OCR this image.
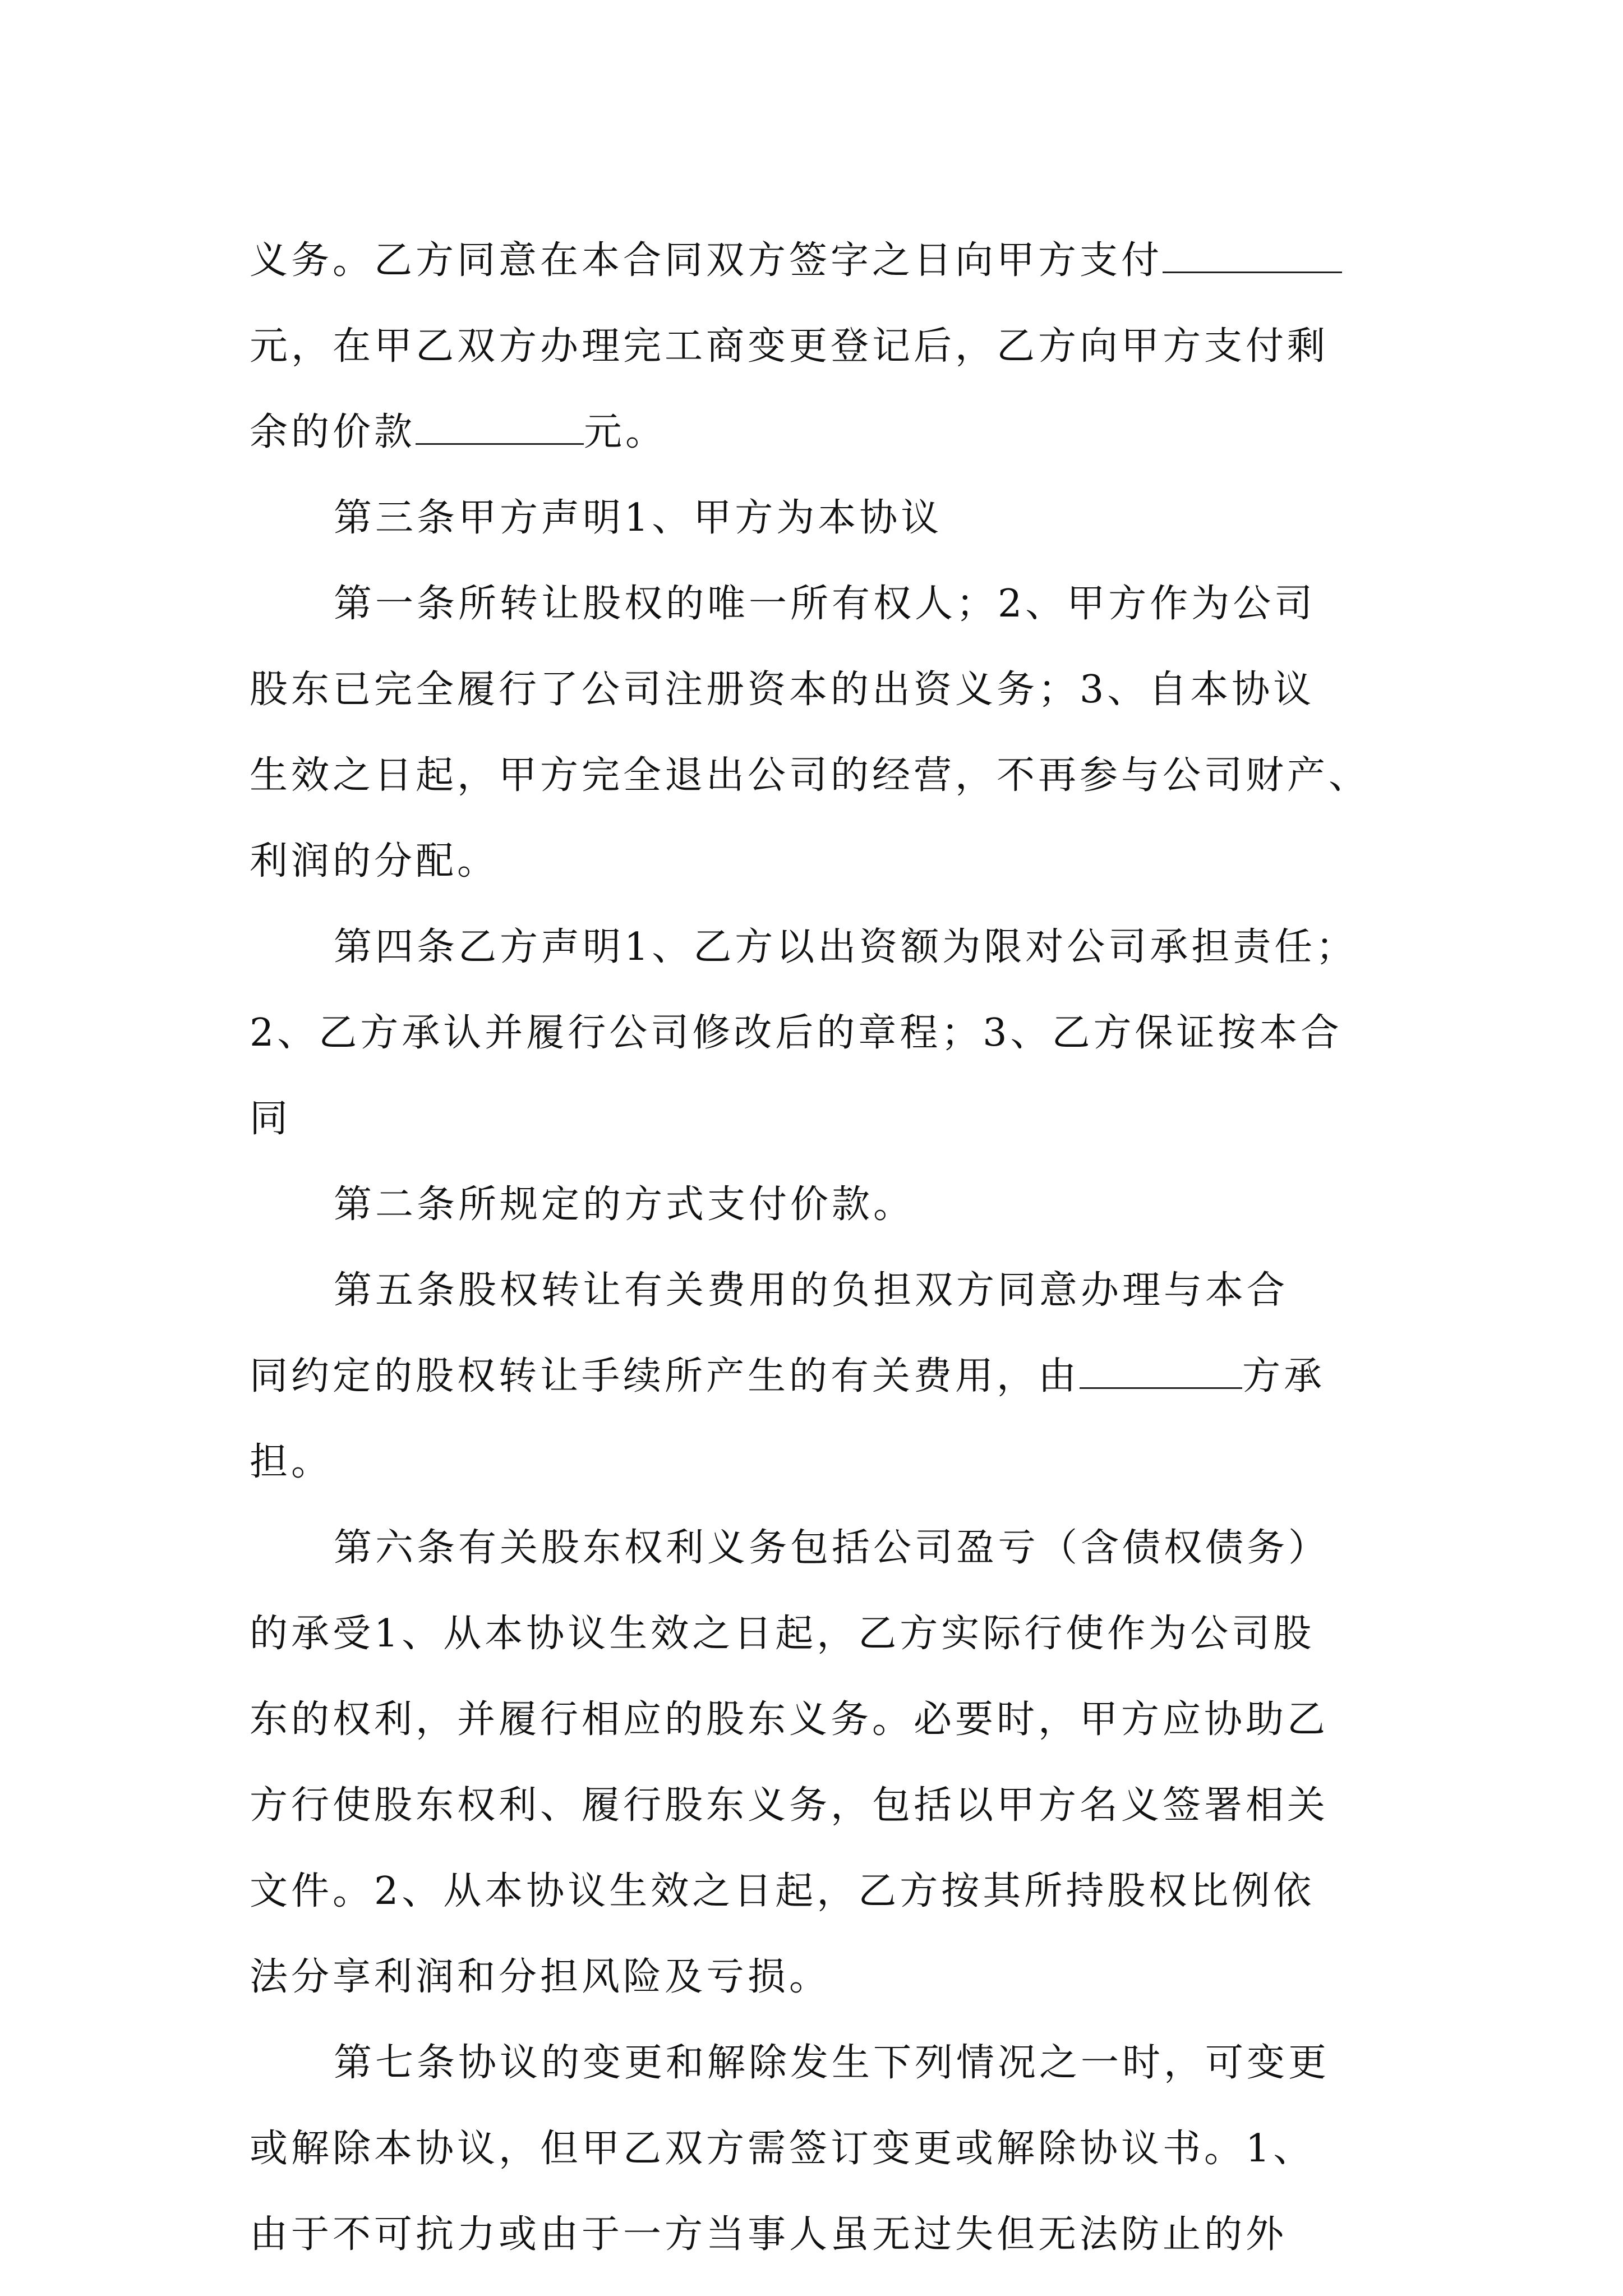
义务。乙方同意在本合同双方签字之日向甲方支付
元，在甲乙双方办理完工商变更登记后，乙方向甲方支付剩
余的价款	元。
第三条甲方声明1、甲方为本协议
第一条所转让股权的唯一所有权人；2、甲方作为公司
股东已完全履行了公司注册资本的出资义务；3、自本协议
生效之日起，甲方完全退出公司的经营，不再参与公司财产、
利润的分配。
第四条乙方声明1、乙方以出资额为限对公司承担责任；
2、乙方承认并履行公司修改后的章程；3、乙方保证按本合
同
第二条所规定的方式支付价款。
第五条股权转让有关费用的负担双方同意办理与本合
同约定的股权转让手续所产生的有关费用，由	方承
担。
第六条有关股东权利义务包括公司盈亏（含债权债务）
的承受1、从本协议生效之日起，乙方实际行使作为公司股
东的权利，并履行相应的股东义务。必要时，甲方应协助乙
方行使股东权利、履行股东义务，包括以甲方名义签署相关
文件。2、从本协议生效之日起，乙方按其所持股权比例依
法分享利润和分担风险及亏损。
第七条协议的变更和解除发生下列情况之一时，可变更
或解除本协议，但甲乙双方需签订变更或解除协议书。1、
由于不可抗力或由于一方当事人虽无过失但无法防止的外
